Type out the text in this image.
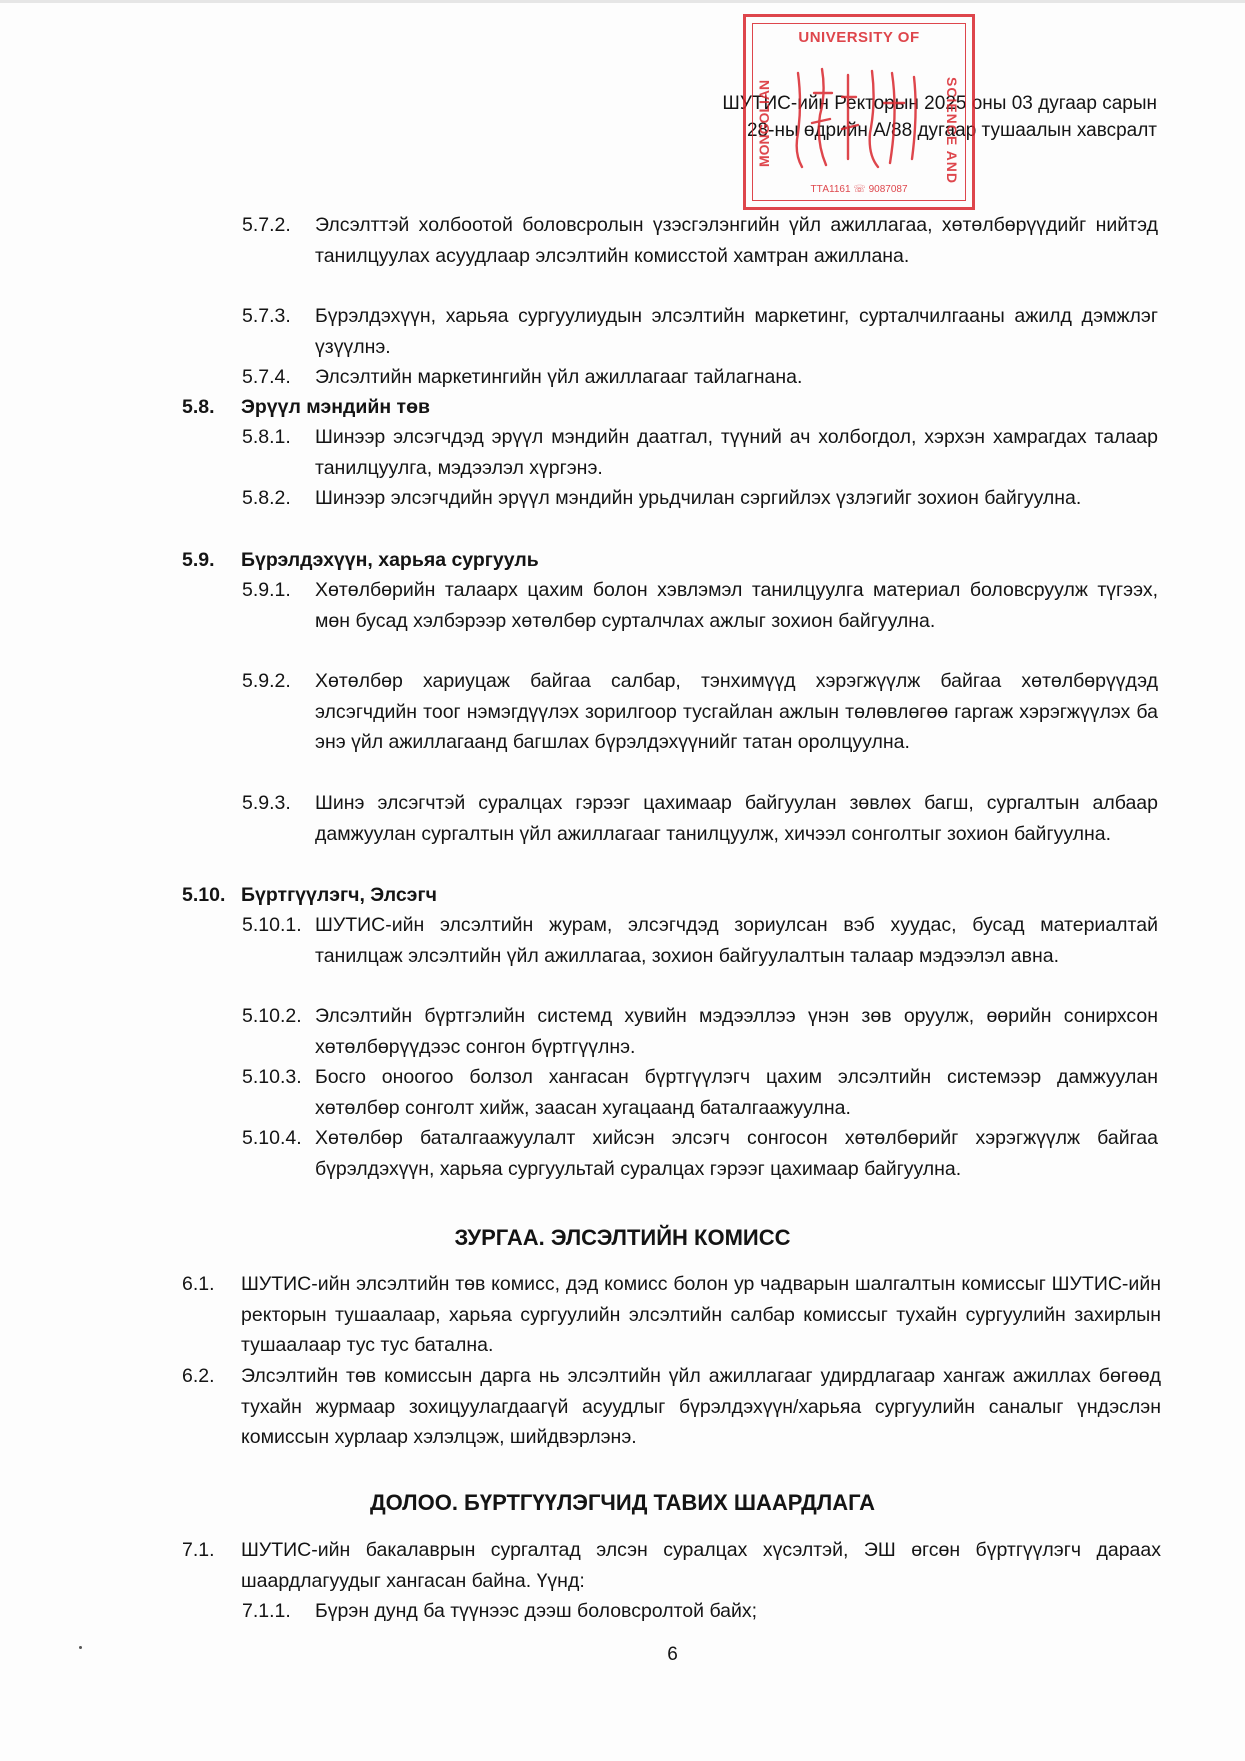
ШУТИС-ийн Ректорын 2025 оны 03 дугаар сарын
28-ны өдрийн А/88 дугаар тушаалын хавсралт
UNIVERSITY OF
MONGOLIAN	SCIENCE AND
ТТА1161 ☏ 9087087
5.7.2. Элсэлттэй холбоотой боловсролын үзэсгэлэнгийн үйл ажиллагаа, хөтөлбөрүүдийг нийтэд танилцуулах асуудлаар элсэлтийн комисстой хамтран ажиллана.
5.7.3. Бүрэлдэхүүн, харьяа сургуулиудын элсэлтийн маркетинг, сурталчилгааны ажилд дэмжлэг үзүүлнэ.
5.7.4. Элсэлтийн маркетингийн үйл ажиллагааг тайлагнана.
5.8. Эрүүл мэндийн төв
5.8.1. Шинээр элсэгчдэд эрүүл мэндийн даатгал, түүний ач холбогдол, хэрхэн хамрагдах талаар танилцуулга, мэдээлэл хүргэнэ.
5.8.2. Шинээр элсэгчдийн эрүүл мэндийн урьдчилан сэргийлэх үзлэгийг зохион байгуулна.
5.9. Бүрэлдэхүүн, харьяа сургууль
5.9.1. Хөтөлбөрийн талаарх цахим болон хэвлэмэл танилцуулга материал боловсруулж түгээх, мөн бусад хэлбэрээр хөтөлбөр сурталчлах ажлыг зохион байгуулна.
5.9.2. Хөтөлбөр хариуцаж байгаа салбар, тэнхимүүд хэрэгжүүлж байгаа хөтөлбөрүүдэд элсэгчдийн тоог нэмэгдүүлэх зорилгоор тусгайлан ажлын төлөвлөгөө гаргаж хэрэгжүүлэх ба энэ үйл ажиллагаанд багшлах бүрэлдэхүүнийг татан оролцуулна.
5.9.3. Шинэ элсэгчтэй суралцах гэрээг цахимаар байгуулан зөвлөх багш, сургалтын албаар дамжуулан сургалтын үйл ажиллагааг танилцуулж, хичээл сонголтыг зохион байгуулна.
5.10. Бүртгүүлэгч, Элсэгч
5.10.1. ШУТИС-ийн элсэлтийн журам, элсэгчдэд зориулсан вэб хуудас, бусад материалтай танилцаж элсэлтийн үйл ажиллагаа, зохион байгуулалтын талаар мэдээлэл авна.
5.10.2. Элсэлтийн бүртгэлийн системд хувийн мэдээллээ үнэн зөв оруулж, өөрийн сонирхсон хөтөлбөрүүдээс сонгон бүртгүүлнэ.
5.10.3. Босго оноогоо болзол хангасан бүртгүүлэгч цахим элсэлтийн системээр дамжуулан хөтөлбөр сонголт хийж, заасан хугацаанд баталгаажуулна.
5.10.4. Хөтөлбөр баталгаажуулалт хийсэн элсэгч сонгосон хөтөлбөрийг хэрэгжүүлж байгаа бүрэлдэхүүн, харьяа сургуультай суралцах гэрээг цахимаар байгуулна.
ЗУРГАА. ЭЛСЭЛТИЙН КОМИСС
6.1. ШУТИС-ийн элсэлтийн төв комисс, дэд комисс болон ур чадварын шалгалтын комиссыг ШУТИС-ийн ректорын тушаалаар, харьяа сургуулийн элсэлтийн салбар комиссыг тухайн сургуулийн захирлын тушаалаар тус тус батална.
6.2. Элсэлтийн төв комиссын дарга нь элсэлтийн үйл ажиллагааг удирдлагаар хангаж ажиллах бөгөөд тухайн журмаар зохицуулагдаагүй асуудлыг бүрэлдэхүүн/харьяа сургуулийн саналыг үндэслэн комиссын хурлаар хэлэлцэж, шийдвэрлэнэ.
ДОЛОО. БҮРТГҮҮЛЭГЧИД ТАВИХ ШААРДЛАГА
7.1. ШУТИС-ийн бакалаврын сургалтад элсэн суралцах хүсэлтэй, ЭШ өгсөн бүртгүүлэгч дараах шаардлагуудыг хангасан байна. Үүнд:
7.1.1. Бүрэн дунд ба түүнээс дээш боловсролтой байх;
6
